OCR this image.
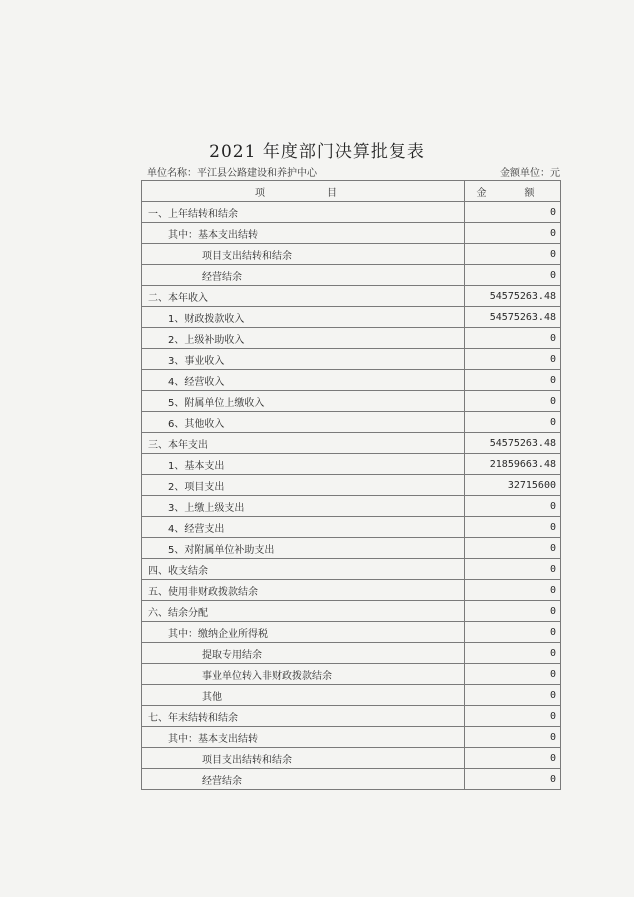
2021 年度部门决算批复表
单位名称：平江县公路建设和养护中心	金额单位：元
项　　目	金　额
一、上年结转和结余	0
其中：基本支出结转	0
项目支出结转和结余	0
经营结余	0
二、本年收入	54575263.48
1、财政拨款收入	54575263.48
2、上级补助收入	0
3、事业收入	0
4、经营收入	0
5、附属单位上缴收入	0
6、其他收入	0
三、本年支出	54575263.48
1、基本支出	21859663.48
2、项目支出	32715600
3、上缴上级支出	0
4、经营支出	0
5、对附属单位补助支出	0
四、收支结余	0
五、使用非财政拨款结余	0
六、结余分配	0
其中：缴纳企业所得税	0
提取专用结余	0
事业单位转入非财政拨款结余	0
其他	0
七、年末结转和结余	0
其中：基本支出结转	0
项目支出结转和结余	0
经营结余	0
